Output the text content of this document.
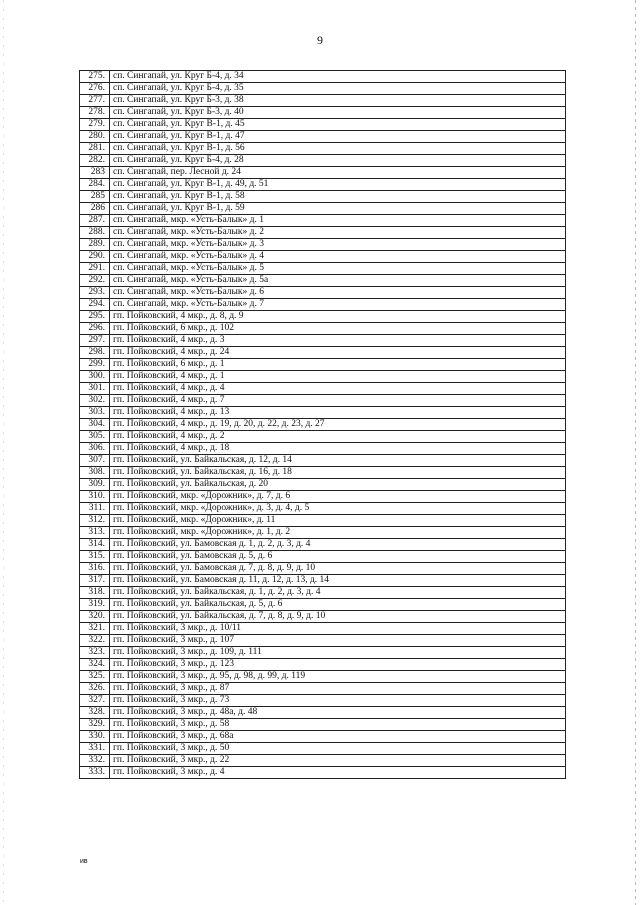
9
275.	сп. Сингапай, ул. Круг Б-4, д. 34
276.	сп. Сингапай, ул. Круг Б-4, д. 35
277.	сп. Сингапай, ул. Круг Б-3, д. 38
278.	сп. Сингапай, ул. Круг Б-3, д. 40
279.	сп. Сингапай, ул. Круг В-1, д. 45
280.	сп. Сингапай, ул. Круг В-1, д. 47
281.	сп. Сингапай, ул. Круг В-1, д. 56
282.	сп. Сингапай, ул. Круг Б-4, д. 28
283	сп. Сингапай, пер. Лесной д. 24
284.	сп. Сингапай, ул. Круг В-1, д. 49, д. 51
285	сп. Сингапай, ул. Круг В-1, д. 58
286	сп. Сингапай, ул. Круг В-1, д. 59
287.	сп. Сингапай, мкр. «Усть-Балык» д. 1
288.	сп. Сингапай, мкр. «Усть-Балык» д. 2
289.	сп. Сингапай, мкр. «Усть-Балык» д. 3
290.	сп. Сингапай, мкр. «Усть-Балык» д. 4
291.	сп. Сингапай, мкр. «Усть-Балык» д. 5
292.	сп. Сингапай, мкр. «Усть-Балык» д. 5а
293.	сп. Сингапай, мкр. «Усть-Балык» д. 6
294.	сп. Сингапай, мкр. «Усть-Балык» д. 7
295.	гп. Пойковский, 4 мкр., д. 8, д. 9
296.	гп. Пойковский, 6 мкр., д. 102
297.	гп. Пойковский, 4 мкр., д. 3
298.	гп. Пойковский, 4 мкр., д. 24
299.	гп. Пойковский, 6 мкр., д. 1
300.	гп. Пойковский, 4 мкр., д. 1
301.	гп. Пойковский, 4 мкр., д. 4
302.	гп. Пойковский, 4 мкр., д. 7
303.	гп. Пойковский, 4 мкр., д. 13
304.	гп. Пойковский, 4 мкр., д. 19, д. 20, д. 22, д. 23, д. 27
305.	гп. Пойковский, 4 мкр., д. 2
306.	гп. Пойковский, 4 мкр., д. 18
307.	гп. Пойковский, ул. Байкальская, д. 12, д. 14
308.	гп. Пойковский, ул. Байкальская, д. 16, д. 18
309.	гп. Пойковский, ул. Байкальская, д. 20
310.	гп. Пойковский, мкр. «Дорожник», д. 7, д. 6
311.	гп. Пойковский, мкр. «Дорожник», д. 3, д. 4, д. 5
312.	гп. Пойковский, мкр. «Дорожник», д. 11
313.	гп. Пойковский, мкр. «Дорожник», д. 1, д. 2
314.	гп. Пойковский, ул. Бамовская д. 1, д. 2, д. 3, д. 4
315.	гп. Пойковский, ул. Бамовская д. 5, д. 6
316.	гп. Пойковский, ул. Бамовская д. 7, д. 8, д. 9, д. 10
317.	гп. Пойковский, ул. Бамовская д. 11, д. 12, д. 13, д. 14
318.	гп. Пойковский, ул. Байкальская, д. 1, д. 2, д. 3, д. 4
319.	гп. Пойковский, ул. Байкальская, д. 5, д. 6
320.	гп. Пойковский, ул. Байкальская, д. 7, д. 8, д. 9, д. 10
321.	гп. Пойковский, 3 мкр., д. 10/11
322.	гп. Пойковский, 3 мкр., д. 107
323.	гп. Пойковский, 3 мкр., д. 109, д. 111
324.	гп. Пойковский, 3 мкр., д. 123
325.	гп. Пойковский, 3 мкр., д. 95, д. 98, д. 99, д. 119
326.	гп. Пойковский, 3 мкр., д. 87
327.	гп. Пойковский, 3 мкр., д. 73
328.	гп. Пойковский, 3 мкр., д. 48а, д. 48
329.	гп. Пойковский, 3 мкр., д. 58
330.	гп. Пойковский, 3 мкр., д. 68а
331.	гп. Пойковский, 3 мкр., д. 50
332.	гп. Пойковский, 3 мкр., д. 22
333.	гп. Пойковский, 3 мкр., д. 4
ив
